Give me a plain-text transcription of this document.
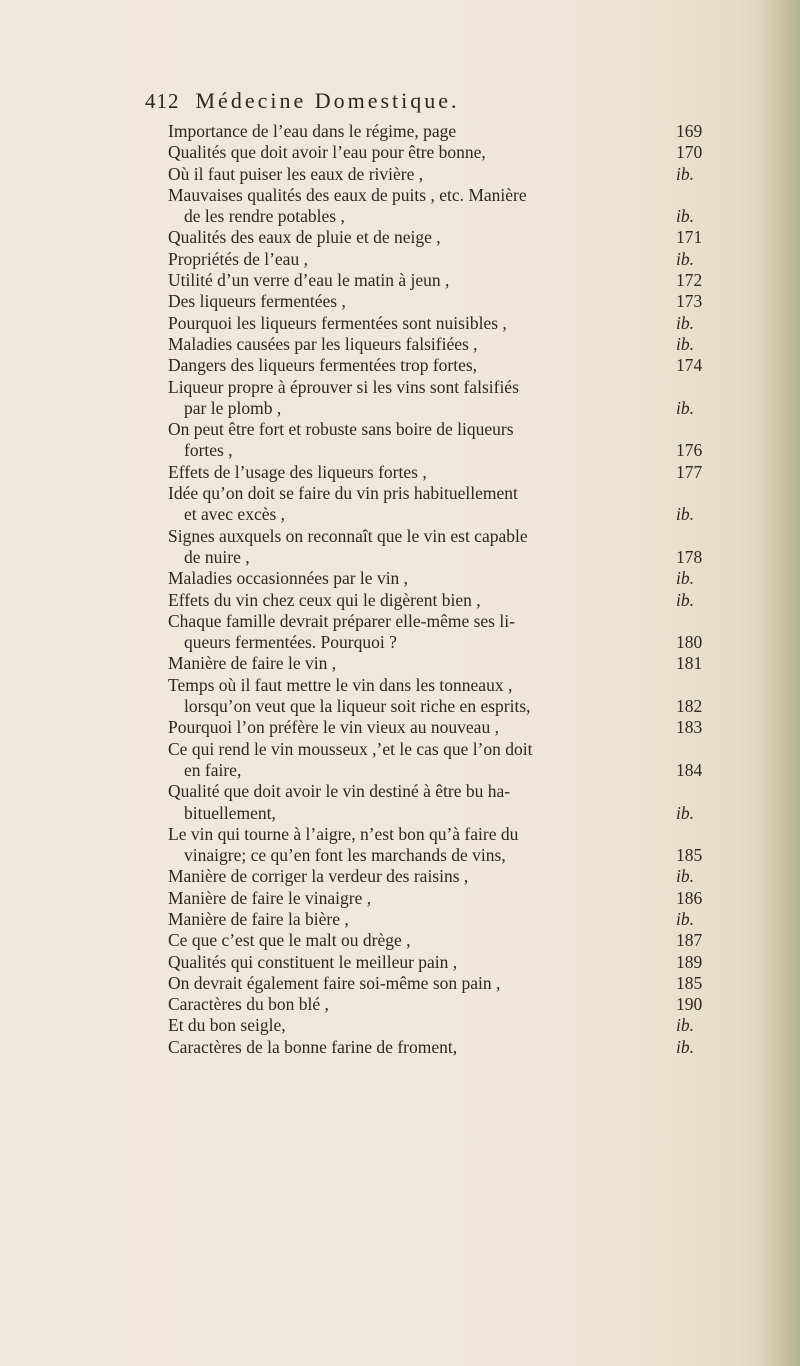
412 Médecine Domestique.
Importance de l’eau dans le régime, page	169
Qualités que doit avoir l’eau pour être bonne,	170
Où il faut puiser les eaux de rivière ,	ib.
Mauvaises qualités des eaux de puits , etc. Manière
de les rendre potables ,	ib.
Qualités des eaux de pluie et de neige ,	171
Propriétés de l’eau ,	ib.
Utilité d’un verre d’eau le matin à jeun ,	172
Des liqueurs fermentées ,	173
Pourquoi les liqueurs fermentées sont nuisibles ,	ib.
Maladies causées par les liqueurs falsifiées ,	ib.
Dangers des liqueurs fermentées trop fortes,	174
Liqueur propre à éprouver si les vins sont falsifiés
par le plomb ,	ib.
On peut être fort et robuste sans boire de liqueurs
fortes ,	176
Effets de l’usage des liqueurs fortes ,	177
Idée qu’on doit se faire du vin pris habituellement
et avec excès ,	ib.
Signes auxquels on reconnaît que le vin est capable
de nuire ,	178
Maladies occasionnées par le vin ,	ib.
Effets du vin chez ceux qui le digèrent bien ,	ib.
Chaque famille devrait préparer elle-même ses li-
queurs fermentées. Pourquoi ?	180
Manière de faire le vin ,	181
Temps où il faut mettre le vin dans les tonneaux ,
lorsqu’on veut que la liqueur soit riche en esprits,	182
Pourquoi l’on préfère le vin vieux au nouveau ,	183
Ce qui rend le vin mousseux ,’et le cas que l’on doit
en faire,	184
Qualité que doit avoir le vin destiné à être bu ha-
bituellement,	ib.
Le vin qui tourne à l’aigre, n’est bon qu’à faire du
vinaigre; ce qu’en font les marchands de vins,	185
Manière de corriger la verdeur des raisins ,	ib.
Manière de faire le vinaigre ,	186
Manière de faire la bière ,	ib.
Ce que c’est que le malt ou drège ,	187
Qualités qui constituent le meilleur pain ,	189
On devrait également faire soi-même son pain ,	185
Caractères du bon blé ,	190
Et du bon seigle,	ib.
Caractères de la bonne farine de froment,	ib.
